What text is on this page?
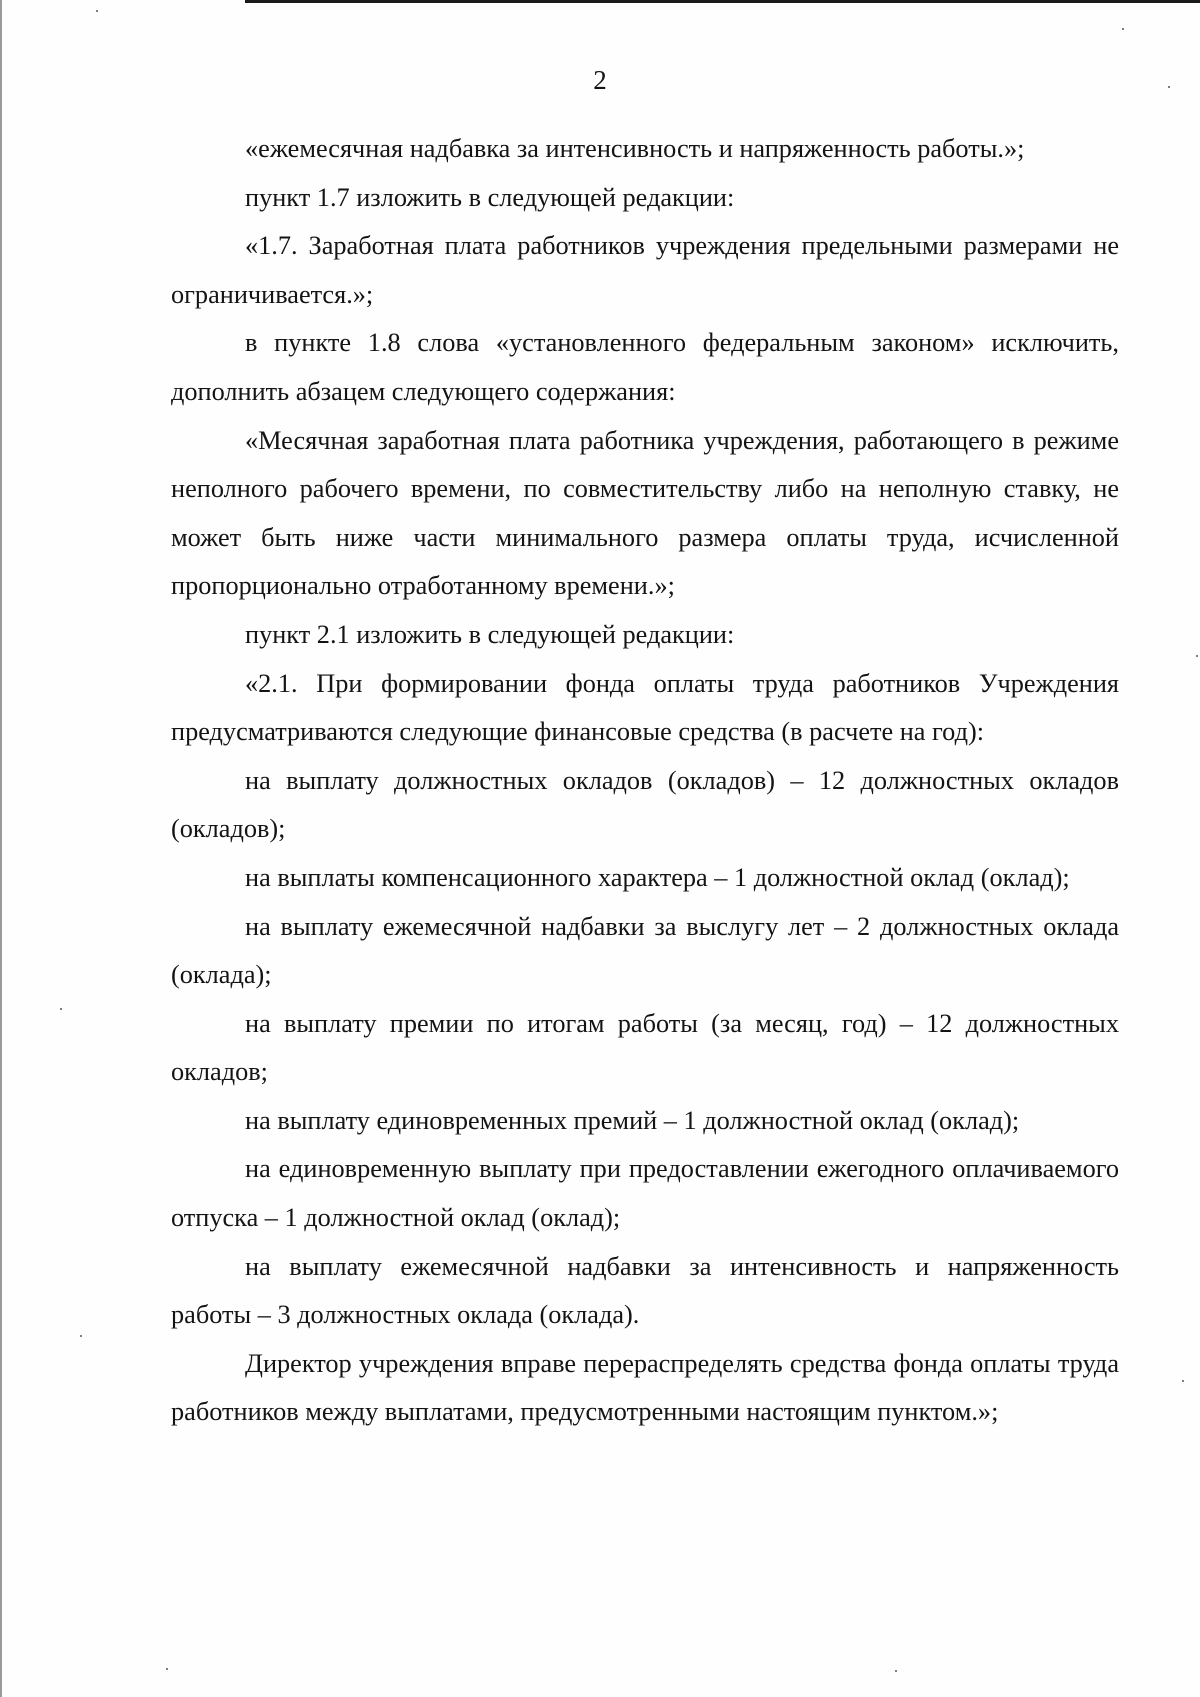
2

«ежемесячная надбавка за интенсивность и напряженность работы.»;

пункт 1.7 изложить в следующей редакции:

«1.7. Заработная плата работников учреждения предельными размерами не ограничивается.»;

в пункте 1.8 слова «установленного федеральным законом» исключить, дополнить абзацем следующего содержания:

«Месячная заработная плата работника учреждения, работающего в режиме неполного рабочего времени, по совместительству либо на неполную ставку, не может быть ниже части минимального размера оплаты труда, исчисленной пропорционально отработанному времени.»;

пункт 2.1 изложить в следующей редакции:

«2.1. При формировании фонда оплаты труда работников Учреждения предусматриваются следующие финансовые средства (в расчете на год):

на выплату должностных окладов (окладов) – 12 должностных окладов (окладов);

на выплаты компенсационного характера – 1 должностной оклад (оклад);

на выплату ежемесячной надбавки за выслугу лет – 2 должностных оклада (оклада);

на выплату премии по итогам работы (за месяц, год) – 12 должностных окладов;

на выплату единовременных премий – 1 должностной оклад (оклад);

на единовременную выплату при предоставлении ежегодного оплачиваемого отпуска – 1 должностной оклад (оклад);

на выплату ежемесячной надбавки за интенсивность и напряженность работы – 3 должностных оклада (оклада).

Директор учреждения вправе перераспределять средства фонда оплаты труда работников между выплатами, предусмотренными настоящим пунктом.»;
